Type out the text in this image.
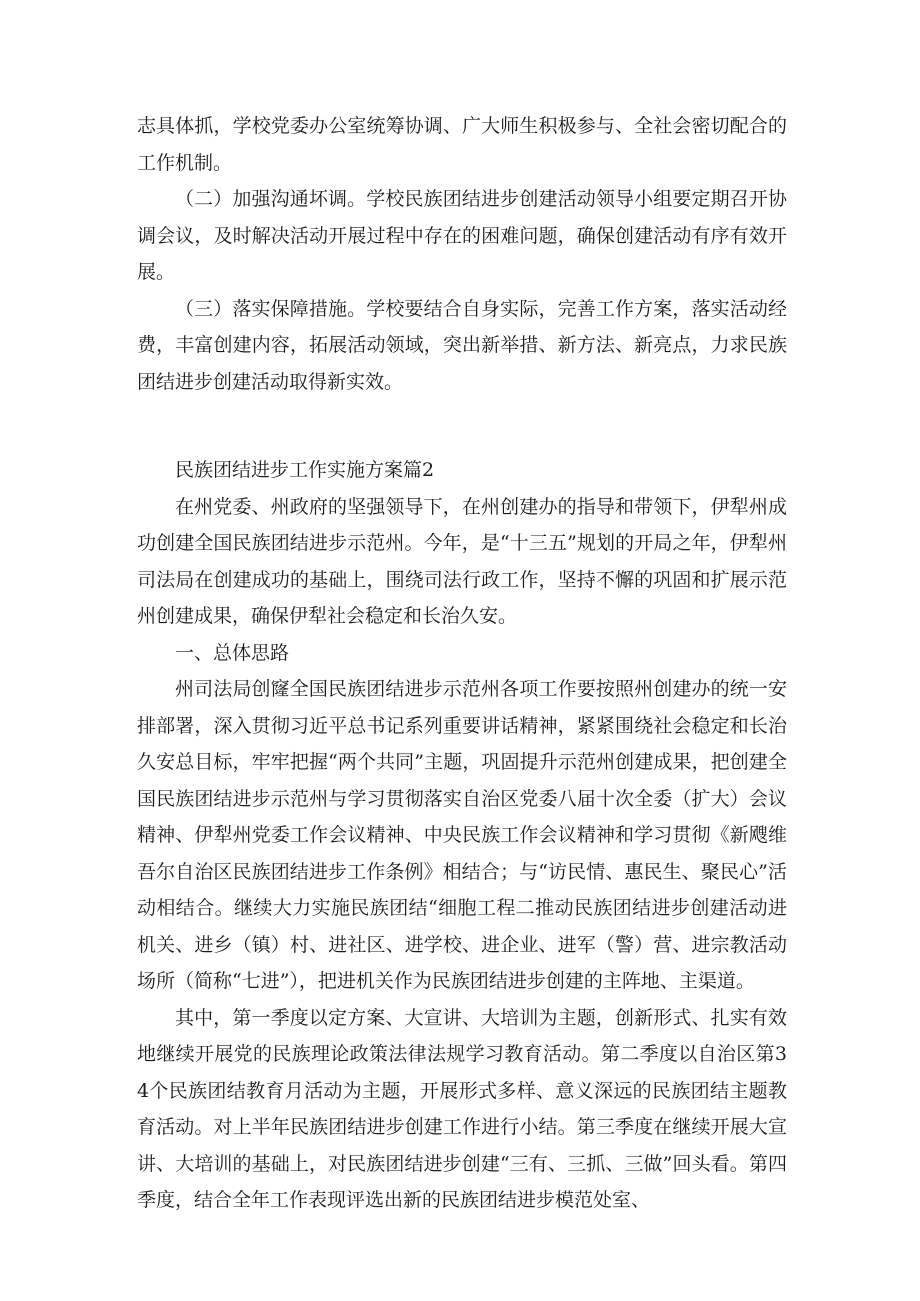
志具体抓，学校党委办公室统筹协调、广大师生积极参与、全社会密切配合的工作机制。

（二）加强沟通坏调。学校民族团结进步创建活动领导小组要定期召开协调会议，及时解决活动开展过程中存在的困难问题，确保创建活动有序有效开展。

（三）落实保障措施。学校要结合自身实际，完善工作方案，落实活动经费，丰富创建内容，拓展活动领域，突出新举措、新方法、新亮点，力求民族团结进步创建活动取得新实效。

民族团结进步工作实施方案篇2

在州党委、州政府的坚强领导下，在州创建办的指导和带领下，伊犁州成功创建全国民族团结进步示范州。今年，是“十三五”规划的开局之年，伊犁州司法局在创建成功的基础上，围绕司法行政工作，坚持不懈的巩固和扩展示范州创建成果，确保伊犁社会稳定和长治久安。

一、总体思路

州司法局创窿全国民族团结进步示范州各项工作要按照州创建办的统一安排部署，深入贯彻习近平总书记系列重要讲话精神，紧紧围绕社会稳定和长治久安总目标，牢牢把握“两个共同”主题，巩固提升示范州创建成果，把创建全国民族团结进步示范州与学习贯彻落实自治区党委八届十次全委（扩大）会议精神、伊犁州党委工作会议精神、中央民族工作会议精神和学习贯彻《新飕维吾尔自治区民族团结进步工作条例》相结合；与“访民情、惠民生、聚民心”活动相结合。继续大力实施民族团结“细胞工程二推动民族团结进步创建活动进机关、进乡（镇）村、进社区、进学校、进企业、进军（警）营、进宗教活动场所（简称“七进”），把进机关作为民族团结进步创建的主阵地、主渠道。

其中，第一季度以定方案、大宣讲、大培训为主题，创新形式、扎实有效地继续开展党的民族理论政策法律法规学习教育活动。第二季度以自治区第34个民族团结教育月活动为主题，开展形式多样、意义深远的民族团结主题教育活动。对上半年民族团结进步创建工作进行小结。第三季度在继续开展大宣讲、大培训的基础上，对民族团结进步创建“三有、三抓、三做”回头看。第四季度，结合全年工作表现评选出新的民族团结进步模范处室、
